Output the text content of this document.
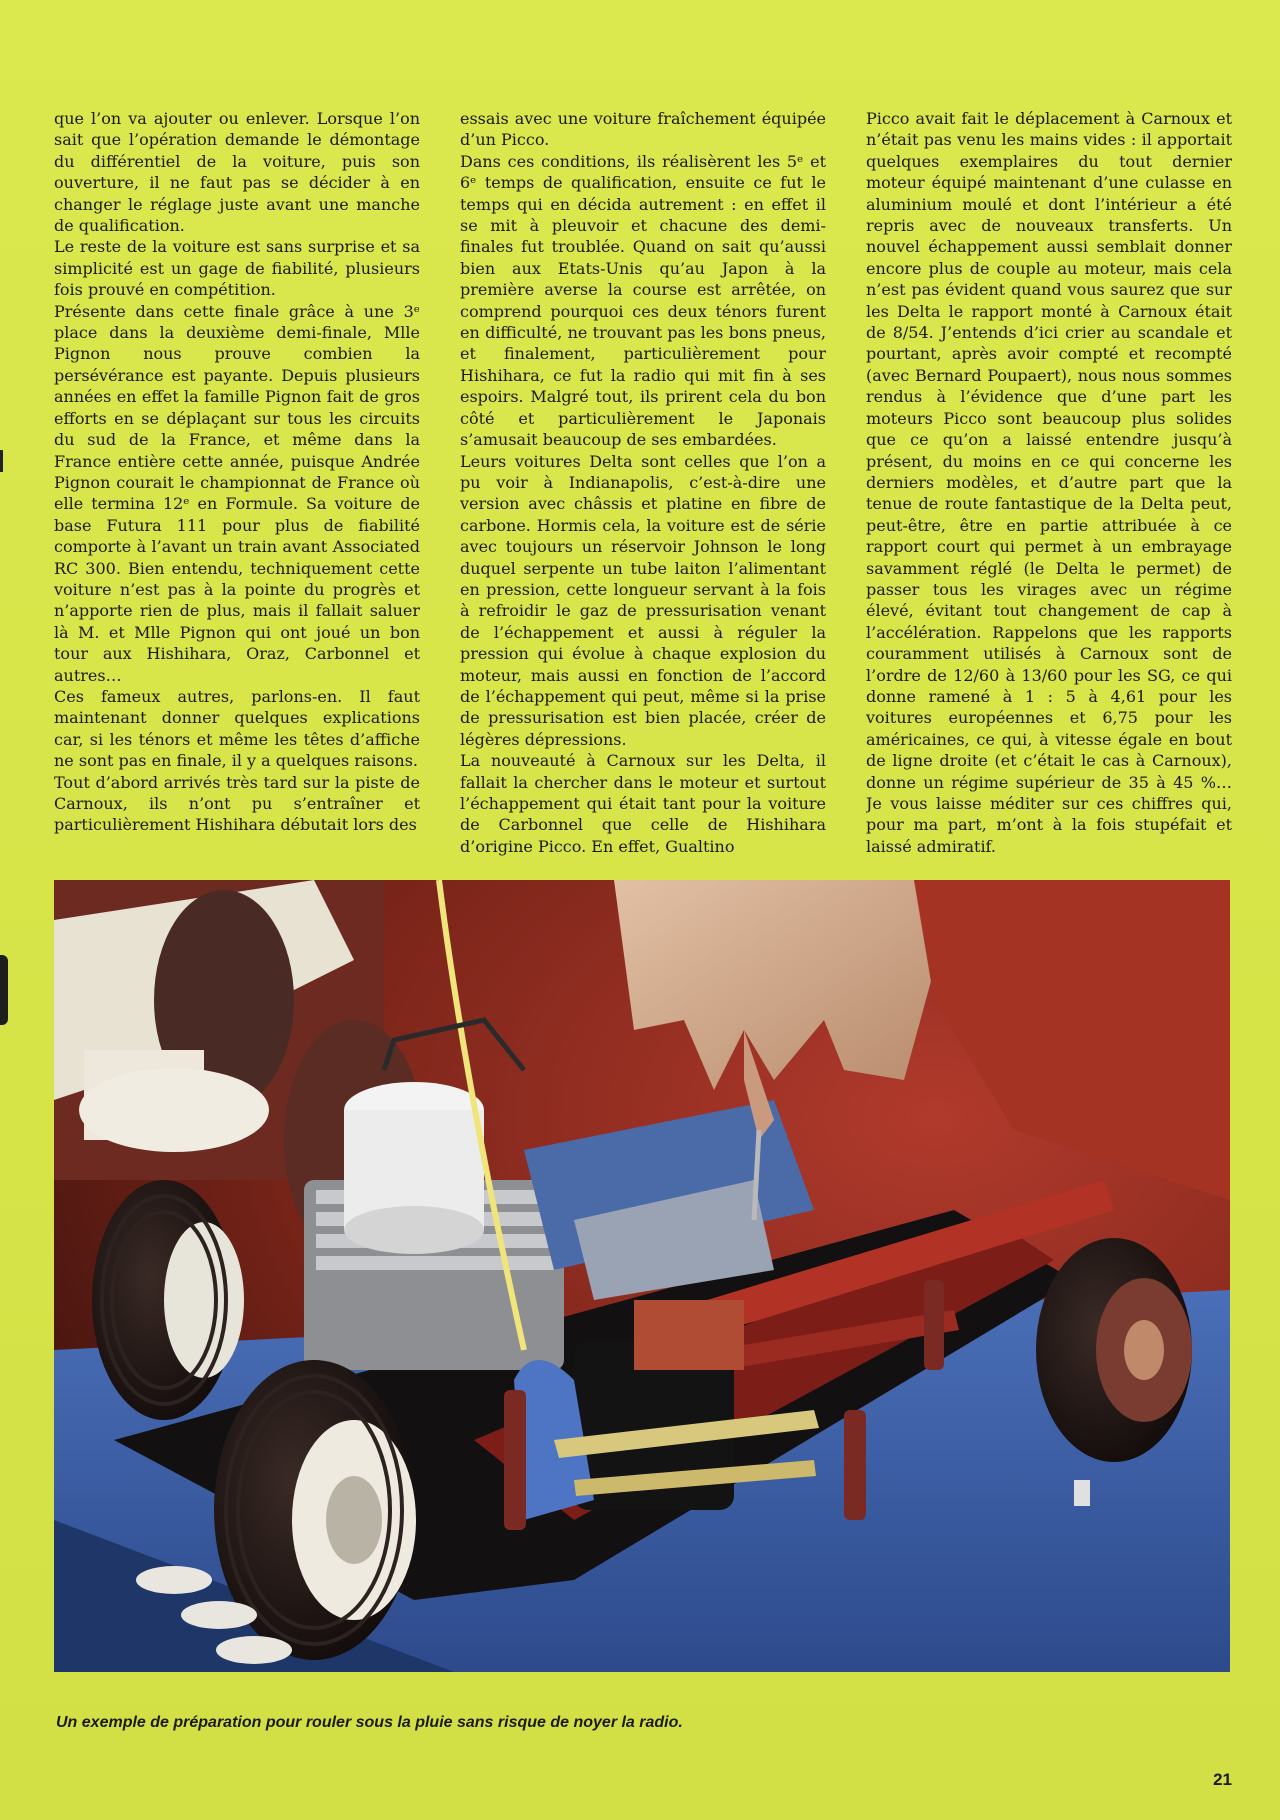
que l’on va ajouter ou enlever. Lorsque l’on sait que l’opération demande le démontage du différentiel de la voiture, puis son ouverture, il ne faut pas se décider à en changer le réglage juste avant une manche de qualification.

Le reste de la voiture est sans surprise et sa simplicité est un gage de fiabilité, plusieurs fois prouvé en compétition.

Présente dans cette finale grâce à une 3ᵉ place dans la deuxième demi-finale, Mlle Pignon nous prouve combien la persévérance est payante. Depuis plusieurs années en effet la famille Pignon fait de gros efforts en se déplaçant sur tous les circuits du sud de la France, et même dans la France entière cette année, puisque Andrée Pignon courait le championnat de France où elle termina 12ᵉ en Formule. Sa voiture de base Futura 111 pour plus de fiabilité comporte à l’avant un train avant Associated RC 300. Bien entendu, techniquement cette voiture n’est pas à la pointe du progrès et n’apporte rien de plus, mais il fallait saluer là M. et Mlle Pignon qui ont joué un bon tour aux Hishihara, Oraz, Carbonnel et autres…

Ces fameux autres, parlons-en. Il faut maintenant donner quelques explications car, si les ténors et même les têtes d’affiche ne sont pas en finale, il y a quelques raisons.

Tout d’abord arrivés très tard sur la piste de Carnoux, ils n’ont pu s’entraîner et particulièrement Hishihara débutait lors des

essais avec une voiture fraîchement équipée d’un Picco.

Dans ces conditions, ils réalisèrent les 5ᵉ et 6ᵉ temps de qualification, ensuite ce fut le temps qui en décida autrement : en effet il se mit à pleuvoir et chacune des demi-finales fut troublée. Quand on sait qu’aussi bien aux Etats-Unis qu’au Japon à la première averse la course est arrêtée, on comprend pourquoi ces deux ténors furent en difficulté, ne trouvant pas les bons pneus, et finalement, particulièrement pour Hishihara, ce fut la radio qui mit fin à ses espoirs. Malgré tout, ils prirent cela du bon côté et particulièrement le Japonais s’amusait beaucoup de ses embardées.

Leurs voitures Delta sont celles que l’on a pu voir à Indianapolis, c’est-à-dire une version avec châssis et platine en fibre de carbone. Hormis cela, la voiture est de série avec toujours un réservoir Johnson le long duquel serpente un tube laiton l’alimentant en pression, cette longueur servant à la fois à refroidir le gaz de pressurisation venant de l’échappement et aussi à réguler la pression qui évolue à chaque explosion du moteur, mais aussi en fonction de l’accord de l’échappement qui peut, même si la prise de pressurisation est bien placée, créer de légères dépressions.

La nouveauté à Carnoux sur les Delta, il fallait la chercher dans le moteur et surtout l’échappement qui était tant pour la voiture de Carbonnel que celle de Hishihara d’origine Picco. En effet, Gualtino

Picco avait fait le déplacement à Carnoux et n’était pas venu les mains vides : il apportait quelques exemplaires du tout dernier moteur équipé maintenant d’une culasse en aluminium moulé et dont l’intérieur a été repris avec de nouveaux transferts. Un nouvel échappement aussi semblait donner encore plus de couple au moteur, mais cela n’est pas évident quand vous saurez que sur les Delta le rapport monté à Carnoux était de 8/54. J’entends d’ici crier au scandale et pourtant, après avoir compté et recompté (avec Bernard Poupaert), nous nous sommes rendus à l’évidence que d’une part les moteurs Picco sont beaucoup plus solides que ce qu’on a laissé entendre jusqu’à présent, du moins en ce qui concerne les derniers modèles, et d’autre part que la tenue de route fantastique de la Delta peut, peut-être, être en partie attribuée à ce rapport court qui permet à un embrayage savamment réglé (le Delta le permet) de passer tous les virages avec un régime élevé, évitant tout changement de cap à l’accélération. Rappelons que les rapports couramment utilisés à Carnoux sont de l’ordre de 12/60 à 13/60 pour les SG, ce qui donne ramené à 1 : 5 à 4,61 pour les voitures européennes et 6,75 pour les américaines, ce qui, à vitesse égale en bout de ligne droite (et c’était le cas à Carnoux), donne un régime supérieur de 35 à 45 %… Je vous laisse méditer sur ces chiffres qui, pour ma part, m’ont à la fois stupéfait et laissé admiratif.

Un exemple de préparation pour rouler sous la pluie sans risque de noyer la radio.
21
